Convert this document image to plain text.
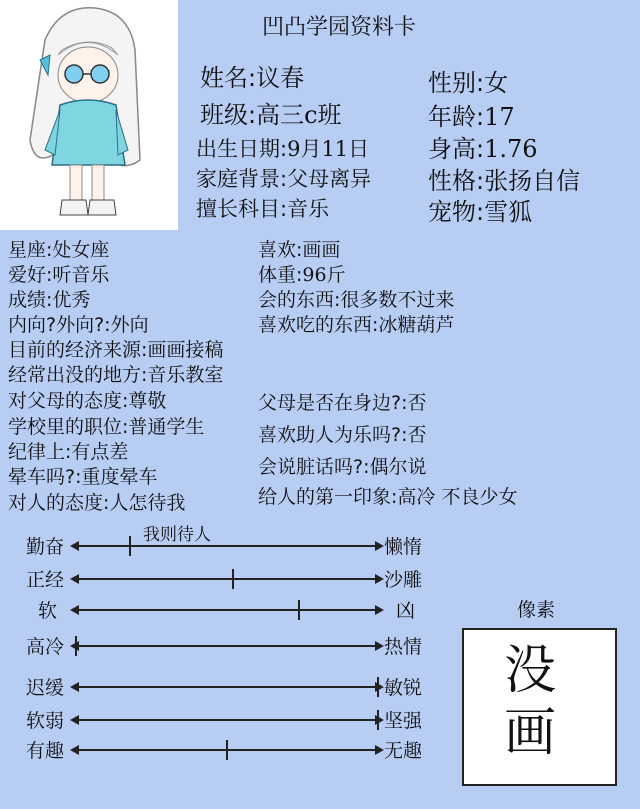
凹凸学园资料卡
姓名:议春
班级:高三c班
出生日期:9月11日
家庭背景:父母离异
擅长科目:音乐
性别:女
年龄:17
身高:1.76
性格:张扬自信
宠物:雪狐
星座:处女座
爱好:听音乐
成绩:优秀
内向?外向?:外向
目前的经济来源:画画接稿
经常出没的地方:音乐教室
对父母的态度:尊敬
学校里的职位:普通学生
纪律上:有点差
晕车吗?:重度晕车
对人的态度:人怎待我
喜欢:画画
体重:96斤
会的东西:很多数不过来
喜欢吃的东西:冰糖葫芦
父母是否在身边?:否
喜欢助人为乐吗?:否
会说脏话吗?:偶尔说
给人的第一印象:高冷 不良少女
我则待人
勤奋	懒惰
正经	沙雕
软	凶
高冷	热情
迟缓	敏锐
软弱	坚强
有趣	无趣
像素
没画
